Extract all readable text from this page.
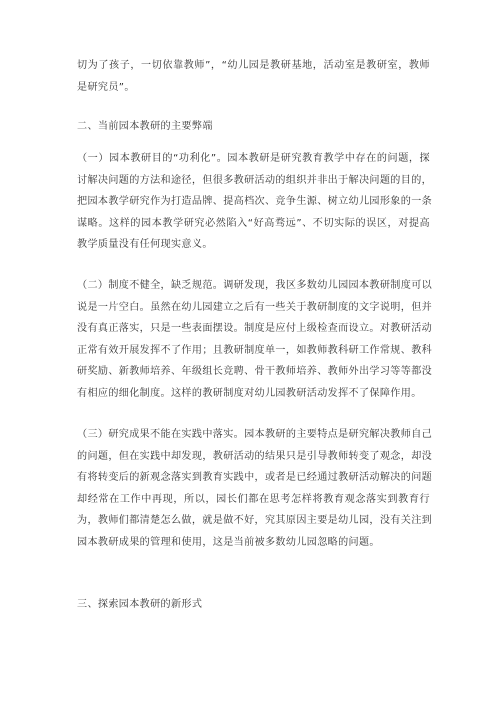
切为了孩子，一切依靠教师”，“幼儿园是教研基地，活动室是教研室，教师
是研究员”。

二、当前园本教研的主要弊端

（一）园本教研目的“功利化”。园本教研是研究教育教学中存在的问题，探
讨解决问题的方法和途径，但很多教研活动的组织并非出于解决问题的目的，
把园本教学研究作为打造品牌、提高档次、竞争生源、树立幼儿园形象的一条
谋略。这样的园本教学研究必然陷入“好高骛远”、不切实际的误区，对提高
教学质量没有任何现实意义。

（二）制度不健全，缺乏规范。调研发现，我区多数幼儿园园本教研制度可以
说是一片空白。虽然在幼儿园建立之后有一些关于教研制度的文字说明，但并
没有真正落实，只是一些表面摆设。制度是应付上级检查而设立。对教研活动
正常有效开展发挥不了作用；且教研制度单一，如教师教科研工作常规、教科
研奖励、新教师培养、年级组长竞聘、骨干教师培养、教师外出学习等等都没
有相应的细化制度。这样的教研制度对幼儿园教研活动发挥不了保障作用。

（三）研究成果不能在实践中落实。园本教研的主要特点是研究解决教师自己
的问题，但在实践中却发现，教研活动的结果只是引导教师转变了观念，却没
有将转变后的新观念落实到教育实践中，或者是已经通过教研活动解决的问题
却经常在工作中再现，所以，园长们都在思考怎样将教育观念落实到教育行
为，教师们都清楚怎么做，就是做不好，究其原因主要是幼儿园，没有关注到
园本教研成果的管理和使用，这是当前被多数幼儿园忽略的问题。

三、探索园本教研的新形式
